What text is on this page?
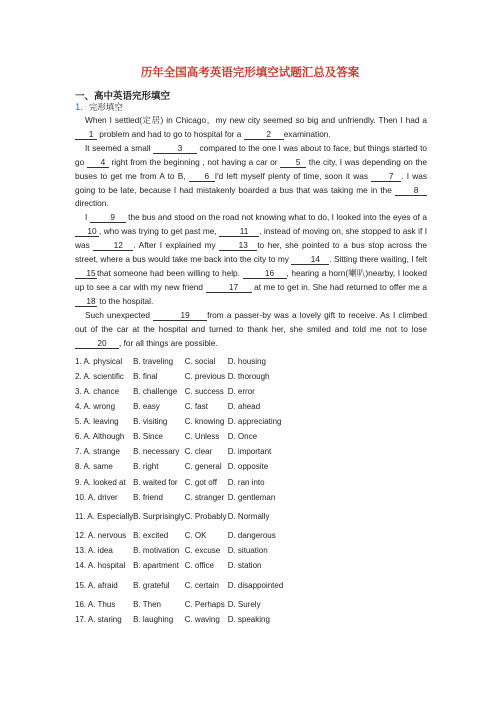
历年全国高考英语完形填空试题汇总及答案
一、高中英语完形填空
1．完形填空

When I settled(定居) in Chicago，my new city seemed so big and unfriendly. Then I had a 1 problem and had to go to hospital for a	2 examination.

It seemed a small	3 compared to the one I was about to face, but things started to go 4 right from the beginning , not having a car or 5 the city, I was depending on the buses to get me from A to B, 6 I'd left myself plenty of time, soon it was 7 . I was going to be late, because I had mistakenly boarded a bus that was taking me in the 8 direction.

I 9 the bus and stood on the road not knowing what to do, I looked into the eyes of a 10 , who was trying to get past me, 11 , instead of moving on, she stopped to ask if I was 12 . After I explained my 13 to her, she pointed to a bus stop across the street, where a bus would take me back into the city to my 14 . Sitting there waiting, I felt 15that someone had been willing to help.	16 , hearing a horn(喇叭)nearby, I looked up to see a car with my new friend	17 at me to get in. She had returned to offer me a 18 to the hospital.

Such unexpected	19 from a passer-by was a lovely gift to receive. As I climbed out of the car at the hospital and turned to thank her, she smiled and told me not to lose 20 , for all things are possible.

1. A. physical	B. traveling	C. social	D. housing
2. A. scientific	B. final	C. previous	D. thorough
3. A. chance	B. challenge	C. success	D. error
4. A. wrong	B. easy	C. fast	D. ahead
5. A. leaving	B. visiting	C. knowing	D. appreciating
6. A. Although	B. Since	C. Unless	D. Once
7. A. strange	B. necessary	C. clear	D. important
8. A. same	B. right	C. general	D. opposite
9. A. looked at	B. waited for	C. got off	D. ran into
10. A. driver	B. friend	C. stranger	D. gentleman
11. A. Especially	B. Surprisingly	C. Probably	D. Normally
12. A. nervous	B. excited	C. OK	D. dangerous
13. A. idea	B. motivation	C. excuse	D. situation
14. A. hospital	B. apartment	C. office	D. station
15. A. afraid	B. grateful	C. certain	D. disappointed
16. A. Thus	B. Then	C. Perhaps	D. Surely
17. A. staring	B. laughing	C. waving	D. speaking
